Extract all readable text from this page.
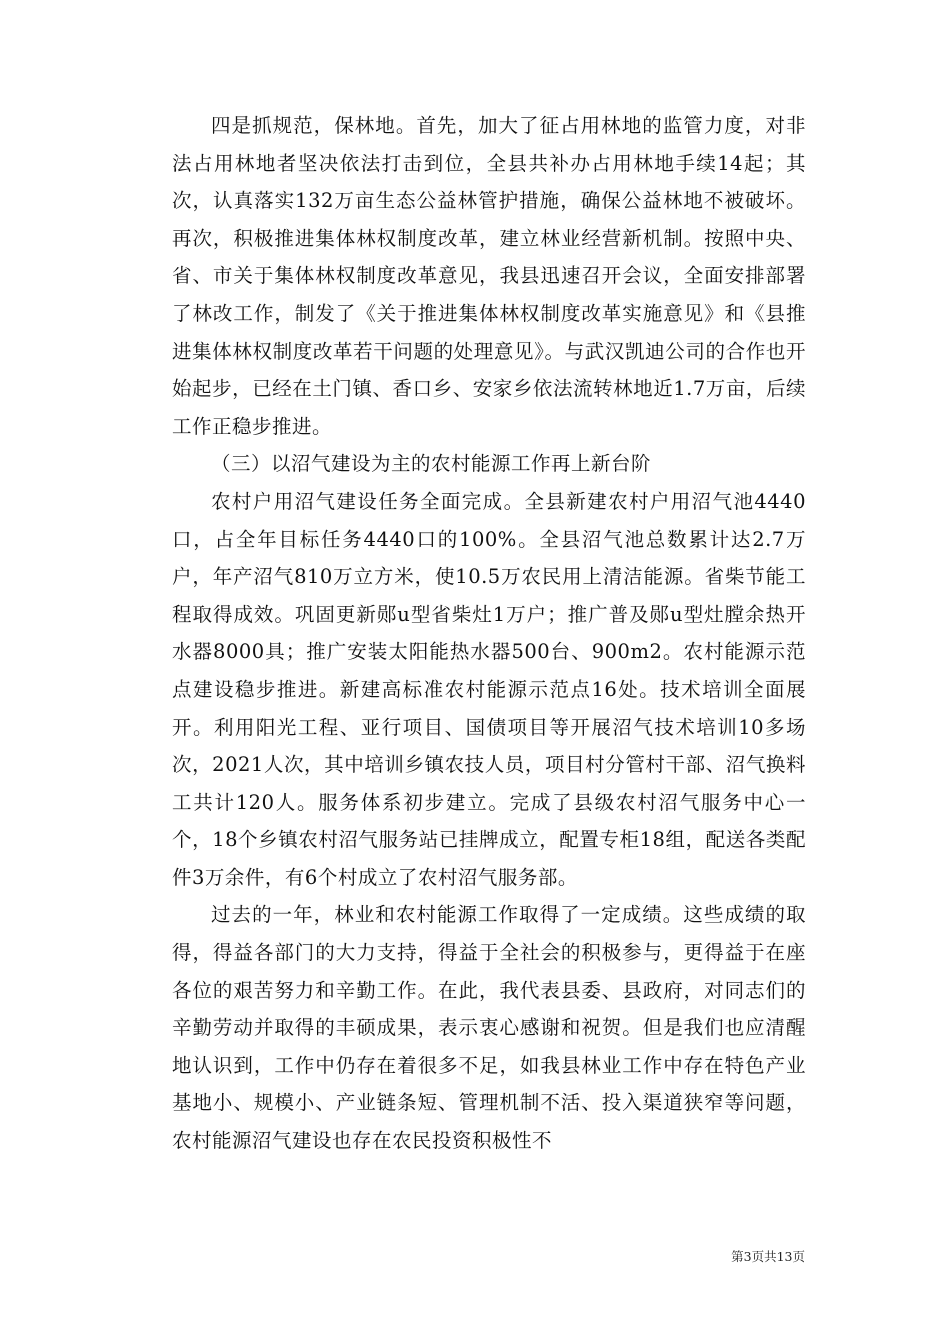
四是抓规范，保林地。首先，加大了征占用林地的监管力度，对非法占用林地者坚决依法打击到位，全县共补办占用林地手续14起；其次，认真落实132万亩生态公益林管护措施，确保公益林地不被破坏。再次，积极推进集体林权制度改革，建立林业经营新机制。按照中央、省、市关于集体林权制度改革意见，我县迅速召开会议，全面安排部署了林改工作，制发了《关于推进集体林权制度改革实施意见》和《县推进集体林权制度改革若干问题的处理意见》。与武汉凯迪公司的合作也开始起步，已经在土门镇、香口乡、安家乡依法流转林地近1.7万亩，后续工作正稳步推进。

（三）以沼气建设为主的农村能源工作再上新台阶

农村户用沼气建设任务全面完成。全县新建农村户用沼气池4440口，占全年目标任务4440口的100%。全县沼气池总数累计达2.7万户，年产沼气810万立方米，使10.5万农民用上清洁能源。省柴节能工程取得成效。巩固更新郧u型省柴灶1万户；推广普及郧u型灶膛余热开水器8000具；推广安装太阳能热水器500台、900m2。农村能源示范点建设稳步推进。新建高标准农村能源示范点16处。技术培训全面展开。利用阳光工程、亚行项目、国债项目等开展沼气技术培训10多场次，2021人次，其中培训乡镇农技人员，项目村分管村干部、沼气换料工共计120人。服务体系初步建立。完成了县级农村沼气服务中心一个，18个乡镇农村沼气服务站已挂牌成立，配置专柜18组，配送各类配件3万余件，有6个村成立了农村沼气服务部。

过去的一年，林业和农村能源工作取得了一定成绩。这些成绩的取得，得益各部门的大力支持，得益于全社会的积极参与，更得益于在座各位的艰苦努力和辛勤工作。在此，我代表县委、县政府，对同志们的辛勤劳动并取得的丰硕成果，表示衷心感谢和祝贺。但是我们也应清醒地认识到，工作中仍存在着很多不足，如我县林业工作中存在特色产业基地小、规模小、产业链条短、管理机制不活、投入渠道狭窄等问题，农村能源沼气建设也存在农民投资积极性不

第3页共13页
